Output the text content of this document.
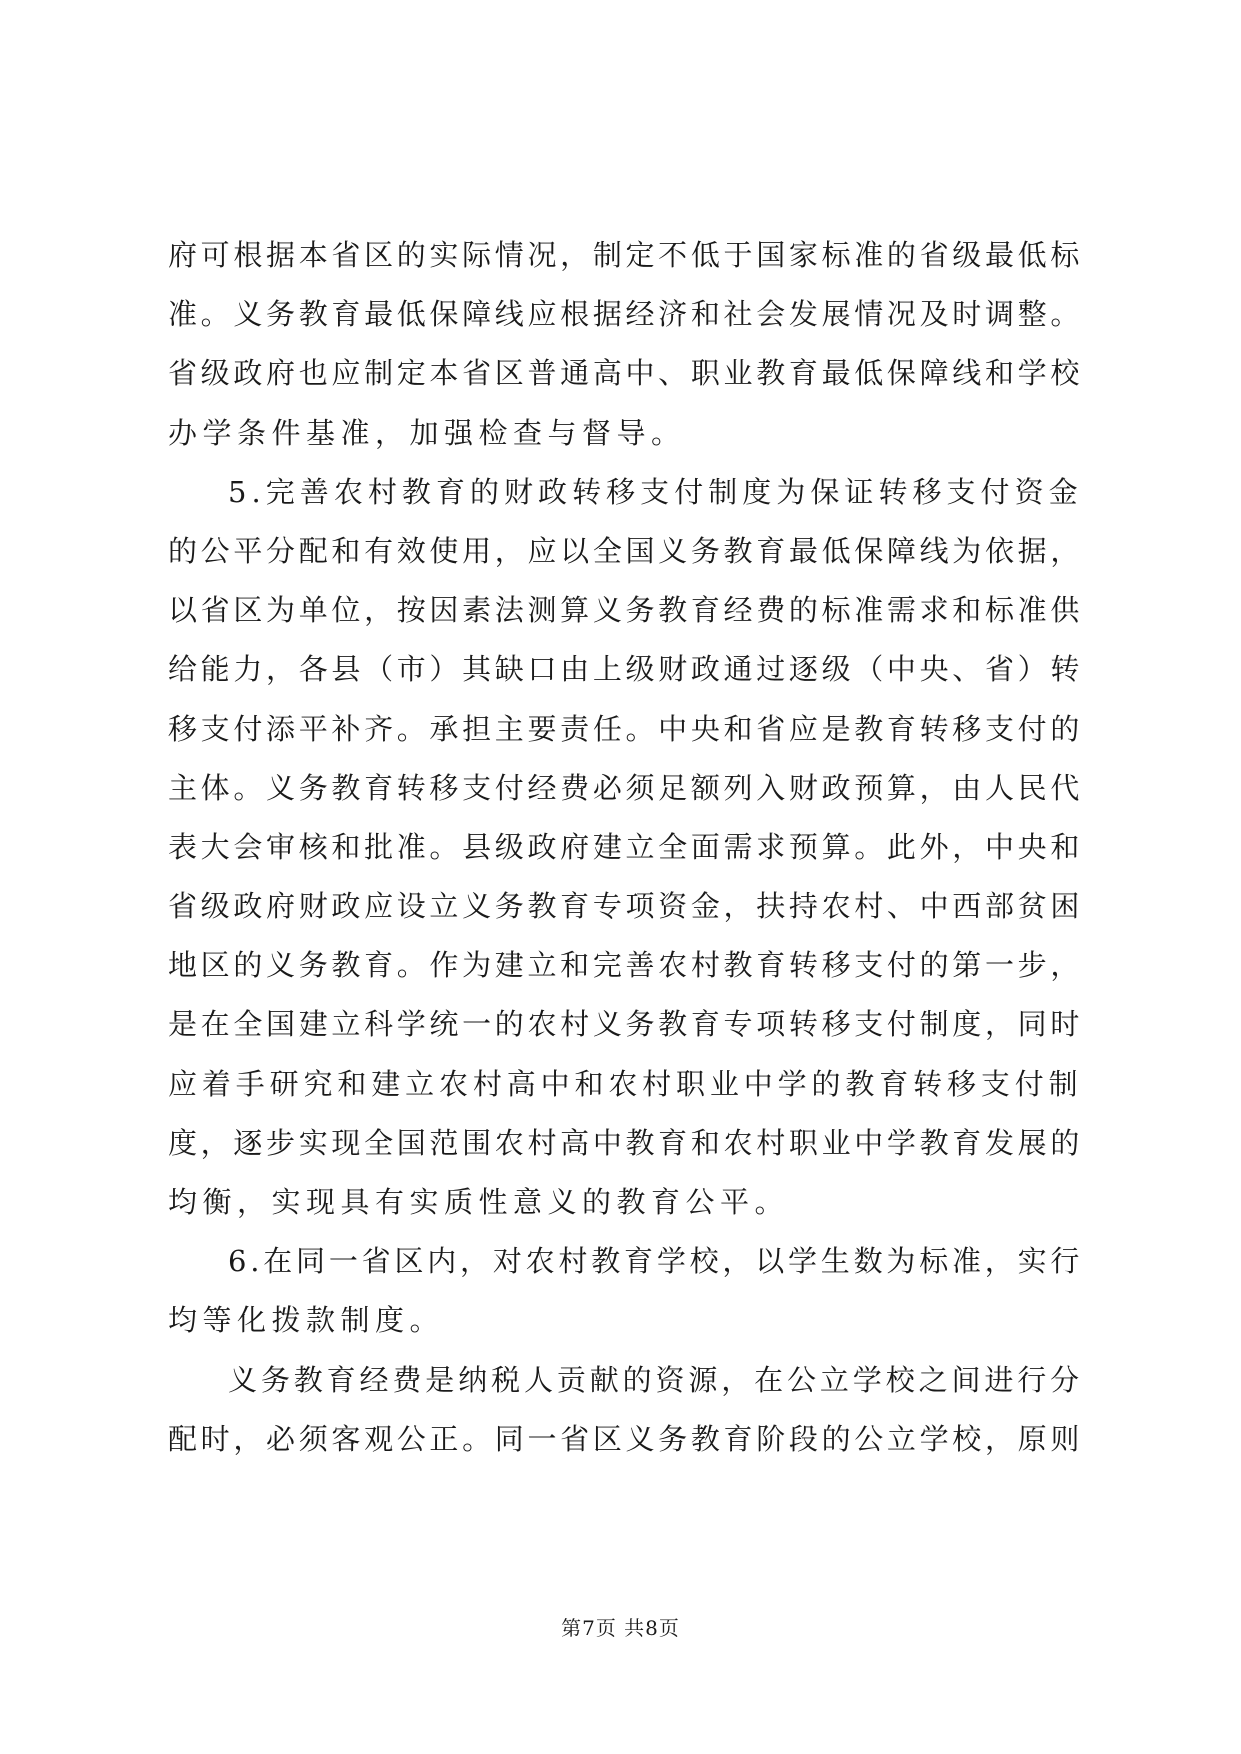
府可根据本省区的实际情况，制定不低于国家标准的省级最低标
准。义务教育最低保障线应根据经济和社会发展情况及时调整。
省级政府也应制定本省区普通高中、职业教育最低保障线和学校
办学条件基准，加强检查与督导。
5.完善农村教育的财政转移支付制度为保证转移支付资金
的公平分配和有效使用，应以全国义务教育最低保障线为依据，
以省区为单位，按因素法测算义务教育经费的标准需求和标准供
给能力，各县（市）其缺口由上级财政通过逐级（中央、省）转
移支付添平补齐。承担主要责任。中央和省应是教育转移支付的
主体。义务教育转移支付经费必须足额列入财政预算，由人民代
表大会审核和批准。县级政府建立全面需求预算。此外，中央和
省级政府财政应设立义务教育专项资金，扶持农村、中西部贫困
地区的义务教育。作为建立和完善农村教育转移支付的第一步，
是在全国建立科学统一的农村义务教育专项转移支付制度，同时
应着手研究和建立农村高中和农村职业中学的教育转移支付制
度，逐步实现全国范围农村高中教育和农村职业中学教育发展的
均衡，实现具有实质性意义的教育公平。
6.在同一省区内，对农村教育学校，以学生数为标准，实行
均等化拨款制度。
义务教育经费是纳税人贡献的资源，在公立学校之间进行分
配时，必须客观公正。同一省区义务教育阶段的公立学校，原则
第7页 共8页
